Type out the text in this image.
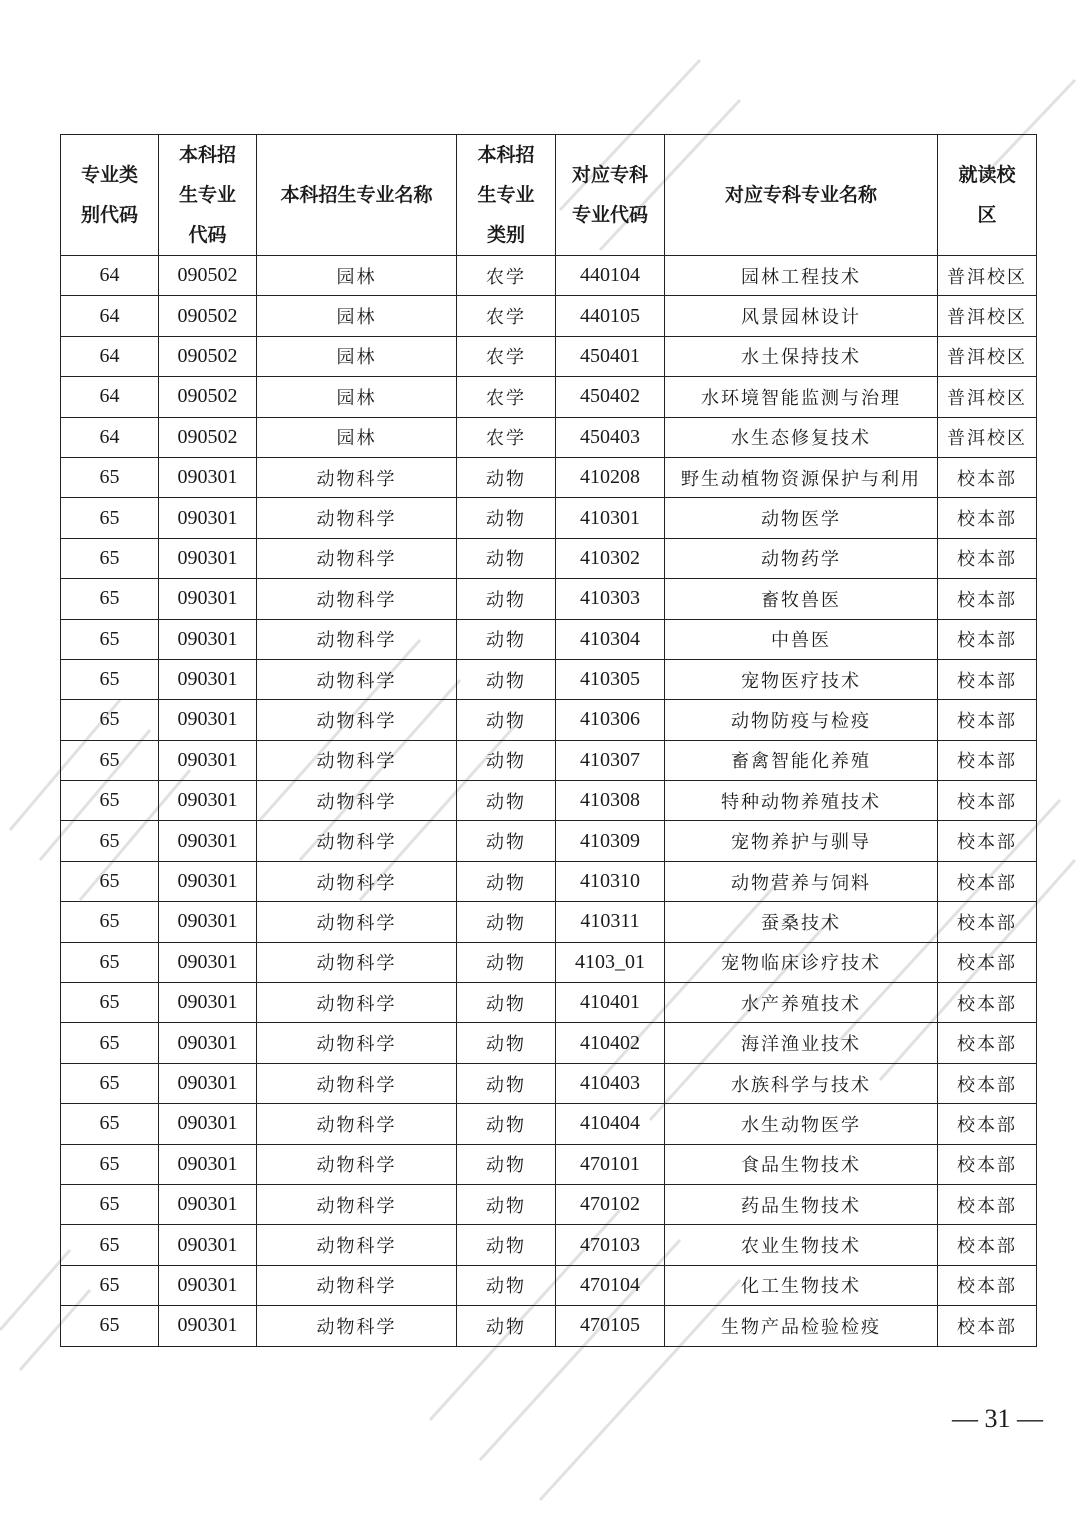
专业类别代码	本科招生专业代码	本科招生专业名称	本科招生专业类别	对应专科专业代码	对应专科专业名称	就读校区
64	090502	园林	农学	440104	园林工程技术	普洱校区
64	090502	园林	农学	440105	风景园林设计	普洱校区
64	090502	园林	农学	450401	水土保持技术	普洱校区
64	090502	园林	农学	450402	水环境智能监测与治理	普洱校区
64	090502	园林	农学	450403	水生态修复技术	普洱校区
65	090301	动物科学	动物	410208	野生动植物资源保护与利用	校本部
65	090301	动物科学	动物	410301	动物医学	校本部
65	090301	动物科学	动物	410302	动物药学	校本部
65	090301	动物科学	动物	410303	畜牧兽医	校本部
65	090301	动物科学	动物	410304	中兽医	校本部
65	090301	动物科学	动物	410305	宠物医疗技术	校本部
65	090301	动物科学	动物	410306	动物防疫与检疫	校本部
65	090301	动物科学	动物	410307	畜禽智能化养殖	校本部
65	090301	动物科学	动物	410308	特种动物养殖技术	校本部
65	090301	动物科学	动物	410309	宠物养护与驯导	校本部
65	090301	动物科学	动物	410310	动物营养与饲料	校本部
65	090301	动物科学	动物	410311	蚕桑技术	校本部
65	090301	动物科学	动物	4103_01	宠物临床诊疗技术	校本部
65	090301	动物科学	动物	410401	水产养殖技术	校本部
65	090301	动物科学	动物	410402	海洋渔业技术	校本部
65	090301	动物科学	动物	410403	水族科学与技术	校本部
65	090301	动物科学	动物	410404	水生动物医学	校本部
65	090301	动物科学	动物	470101	食品生物技术	校本部
65	090301	动物科学	动物	470102	药品生物技术	校本部
65	090301	动物科学	动物	470103	农业生物技术	校本部
65	090301	动物科学	动物	470104	化工生物技术	校本部
65	090301	动物科学	动物	470105	生物产品检验检疫	校本部
— 31 —
